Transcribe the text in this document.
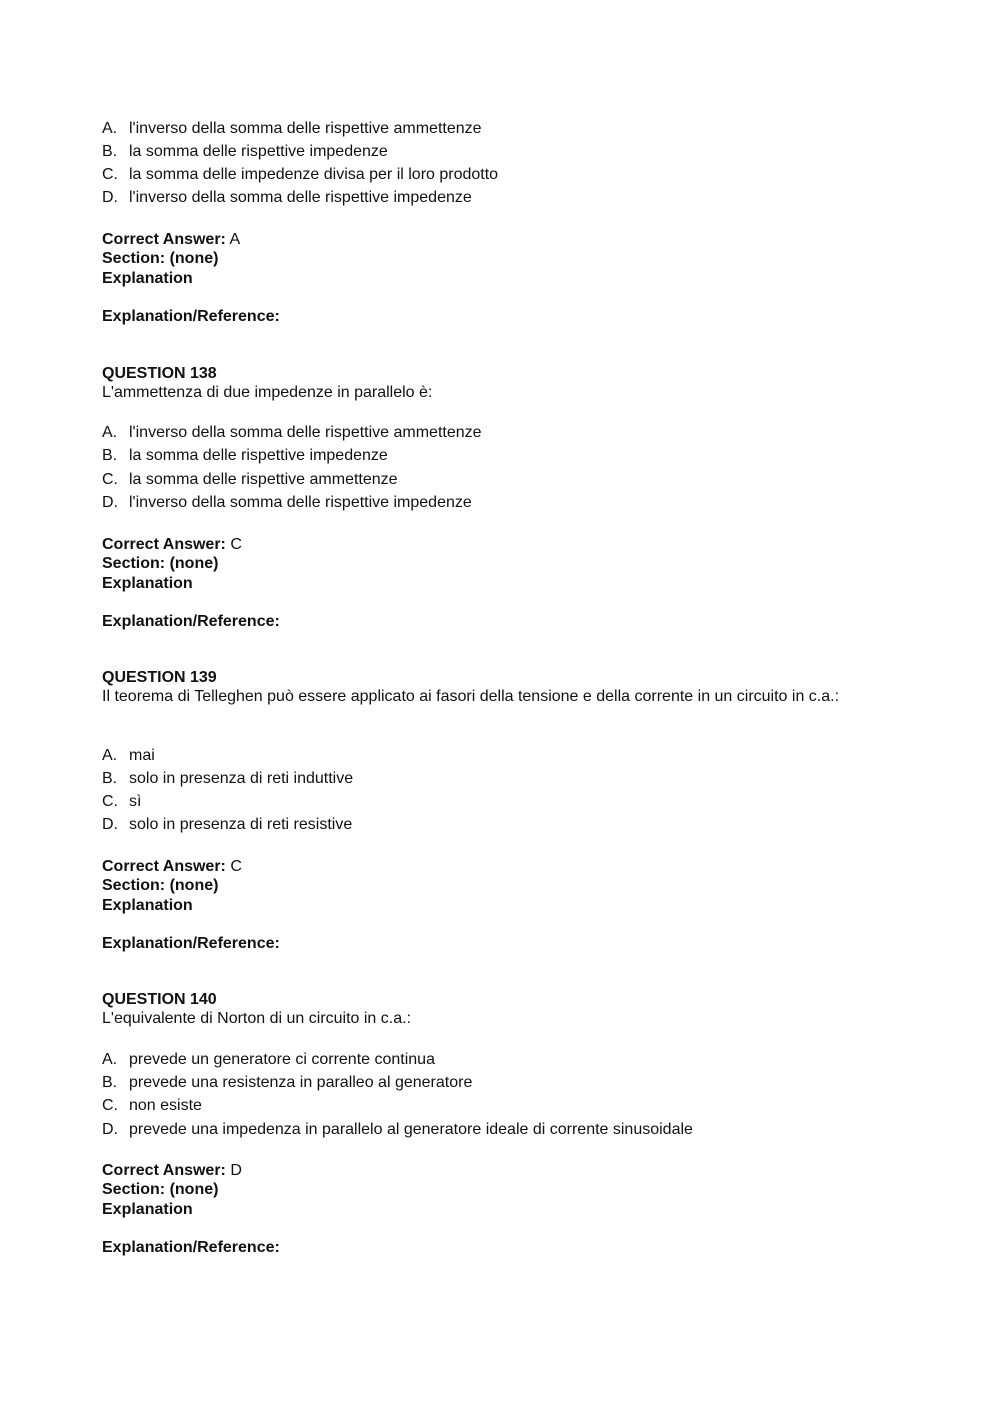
A. l'inverso della somma delle rispettive ammettenze
B. la somma delle rispettive impedenze
C. la somma delle impedenze divisa per il loro prodotto
D. l'inverso della somma delle rispettive impedenze
Correct Answer: A
Section: (none)
Explanation
Explanation/Reference:
QUESTION 138
L'ammettenza di due impedenze in parallelo è:
A. l'inverso della somma delle rispettive ammettenze
B. la somma delle rispettive impedenze
C. la somma delle rispettive ammettenze
D. l'inverso della somma delle rispettive impedenze
Correct Answer: C
Section: (none)
Explanation
Explanation/Reference:
QUESTION 139
Il teorema di Telleghen può essere applicato ai fasori della tensione e della corrente in un circuito in c.a.:
A. mai
B. solo in presenza di reti induttive
C. sì
D. solo in presenza di reti resistive
Correct Answer: C
Section: (none)
Explanation
Explanation/Reference:
QUESTION 140
L'equivalente di Norton di un circuito in c.a.:
A. prevede un generatore ci corrente continua
B. prevede una resistenza in paralleo al generatore
C. non esiste
D. prevede una impedenza in parallelo al generatore ideale di corrente sinusoidale
Correct Answer: D
Section: (none)
Explanation
Explanation/Reference:
